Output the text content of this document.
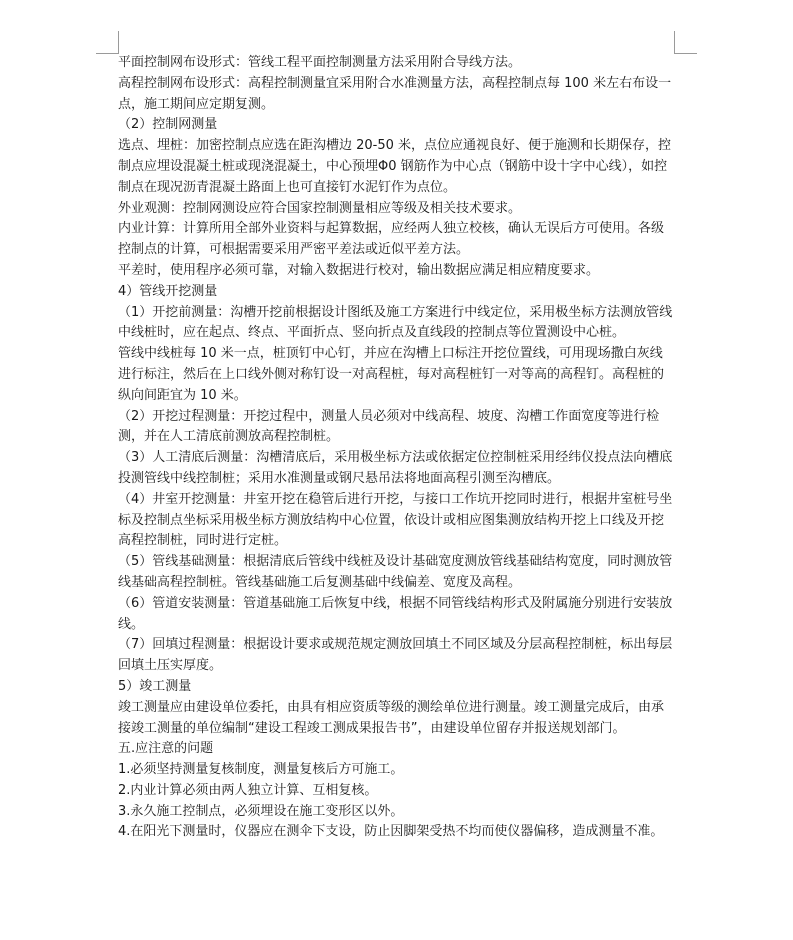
平面控制网布设形式：管线工程平面控制测量方法采用附合导线方法。

高程控制网布设形式：高程控制测量宜采用附合水准测量方法，高程控制点每 100 米左右布设一点，施工期间应定期复测。

（2）控制网测量

选点、埋桩：加密控制点应选在距沟槽边 20-50 米，点位应通视良好、便于施测和长期保存，控制点应埋设混凝土桩或现浇混凝土，中心预埋Φ0 钢筋作为中心点（钢筋中设十字中心线），如控制点在现况沥青混凝土路面上也可直接钉水泥钉作为点位。

外业观测：控制网测设应符合国家控制测量相应等级及相关技术要求。

内业计算：计算所用全部外业资料与起算数据，应经两人独立校核，确认无误后方可使用。各级控制点的计算，可根据需要采用严密平差法或近似平差方法。

平差时，使用程序必须可靠，对输入数据进行校对，输出数据应满足相应精度要求。

4）管线开挖测量

（1）开挖前测量：沟槽开挖前根据设计图纸及施工方案进行中线定位，采用极坐标方法测放管线中线桩时，应在起点、终点、平面折点、竖向折点及直线段的控制点等位置测设中心桩。

管线中线桩每 10 米一点，桩顶钉中心钉，并应在沟槽上口标注开挖位置线，可用现场撒白灰线进行标注，然后在上口线外侧对称钉设一对高程桩，每对高程桩钉一对等高的高程钉。高程桩的纵向间距宜为 10 米。

（2）开挖过程测量：开挖过程中，测量人员必须对中线高程、坡度、沟槽工作面宽度等进行检测，并在人工清底前测放高程控制桩。

（3）人工清底后测量：沟槽清底后，采用极坐标方法或依据定位控制桩采用经纬仪投点法向槽底投测管线中线控制桩；采用水准测量或钢尺悬吊法将地面高程引测至沟槽底。

（4）井室开挖测量：井室开挖在稳管后进行开挖，与接口工作坑开挖同时进行，根据井室桩号坐标及控制点坐标采用极坐标方测放结构中心位置，依设计或相应图集测放结构开挖上口线及开挖高程控制桩，同时进行定桩。

（5）管线基础测量：根据清底后管线中线桩及设计基础宽度测放管线基础结构宽度，同时测放管线基础高程控制桩。管线基础施工后复测基础中线偏差、宽度及高程。

（6）管道安装测量：管道基础施工后恢复中线，根据不同管线结构形式及附属施分别进行安装放线。

（7）回填过程测量：根据设计要求或规范规定测放回填土不同区域及分层高程控制桩，标出每层回填土压实厚度。

5）竣工测量

竣工测量应由建设单位委托，由具有相应资质等级的测绘单位进行测量。竣工测量完成后，由承接竣工测量的单位编制“建设工程竣工测成果报告书”，由建设单位留存并报送规划部门。

五.应注意的问题

1.必须坚持测量复核制度，测量复核后方可施工。

2.内业计算必须由两人独立计算、互相复核。

3.永久施工控制点，必须埋设在施工变形区以外。

4.在阳光下测量时，仪器应在测伞下支设，防止因脚架受热不均而使仪器偏移，造成测量不准。
